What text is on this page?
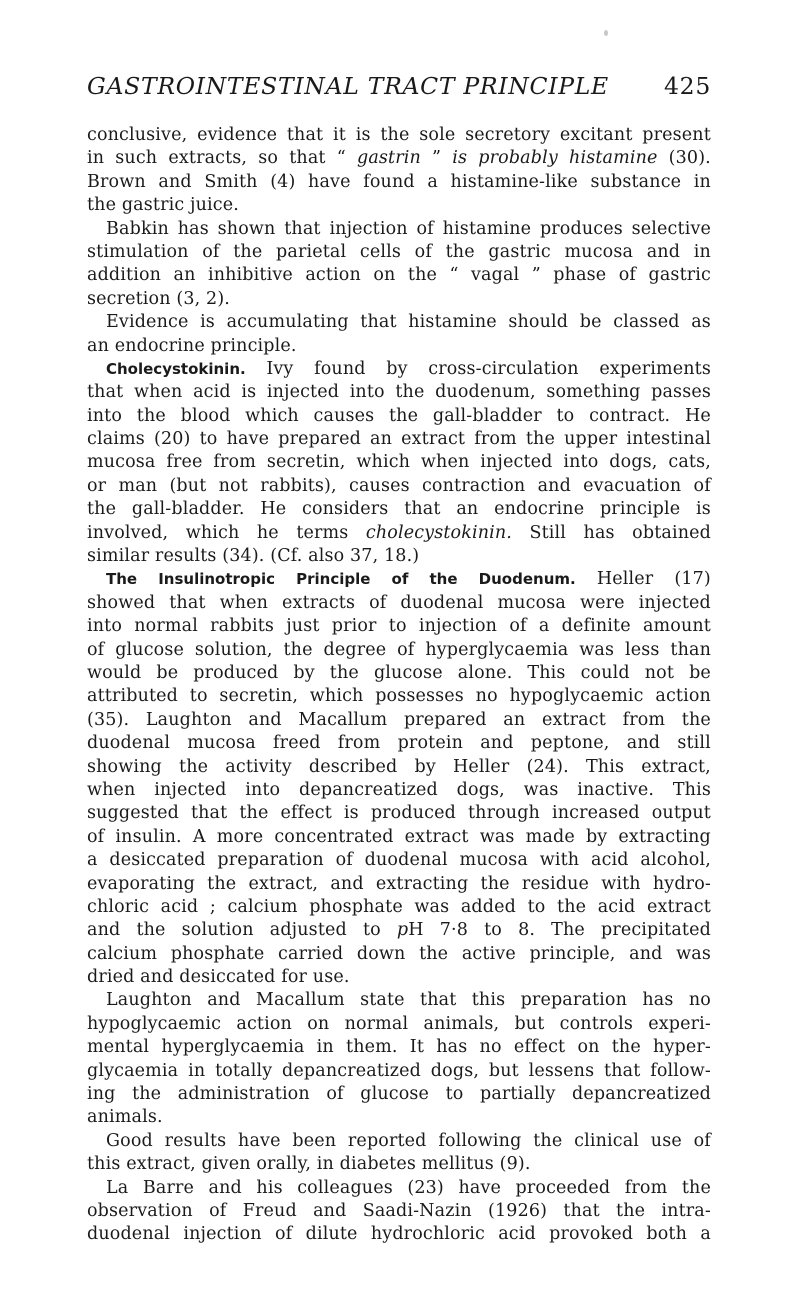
GASTROINTESTINAL TRACT PRINCIPLE 425
conclusive, evidence that it is the sole secretory excitant present
in such extracts, so that “ gastrin ” is probably histamine (30).
Brown and Smith (4) have found a histamine-like substance in
the gastric juice.
Babkin has shown that injection of histamine produces selective
stimulation of the parietal cells of the gastric mucosa and in
addition an inhibitive action on the “ vagal ” phase of gastric
secretion (3, 2).
Evidence is accumulating that histamine should be classed as
an endocrine principle.
Cholecystokinin. Ivy found by cross-circulation experiments
that when acid is injected into the duodenum, something passes
into the blood which causes the gall-bladder to contract. He
claims (20) to have prepared an extract from the upper intestinal
mucosa free from secretin, which when injected into dogs, cats,
or man (but not rabbits), causes contraction and evacuation of
the gall-bladder. He considers that an endocrine principle is
involved, which he terms cholecystokinin. Still has obtained
similar results (34). (Cf. also 37, 18.)
The Insulinotropic Principle of the Duodenum. Heller (17)
showed that when extracts of duodenal mucosa were injected
into normal rabbits just prior to injection of a definite amount
of glucose solution, the degree of hyperglycaemia was less than
would be produced by the glucose alone. This could not be
attributed to secretin, which possesses no hypoglycaemic action
(35). Laughton and Macallum prepared an extract from the
duodenal mucosa freed from protein and peptone, and still
showing the activity described by Heller (24). This extract,
when injected into depancreatized dogs, was inactive. This
suggested that the effect is produced through increased output
of insulin. A more concentrated extract was made by extracting
a desiccated preparation of duodenal mucosa with acid alcohol,
evaporating the extract, and extracting the residue with hydro-
chloric acid ; calcium phosphate was added to the acid extract
and the solution adjusted to pH 7·8 to 8. The precipitated
calcium phosphate carried down the active principle, and was
dried and desiccated for use.
Laughton and Macallum state that this preparation has no
hypoglycaemic action on normal animals, but controls experi-
mental hyperglycaemia in them. It has no effect on the hyper-
glycaemia in totally depancreatized dogs, but lessens that follow-
ing the administration of glucose to partially depancreatized
animals.
Good results have been reported following the clinical use of
this extract, given orally, in diabetes mellitus (9).
La Barre and his colleagues (23) have proceeded from the
observation of Freud and Saadi-Nazin (1926) that the intra-
duodenal injection of dilute hydrochloric acid provoked both a
